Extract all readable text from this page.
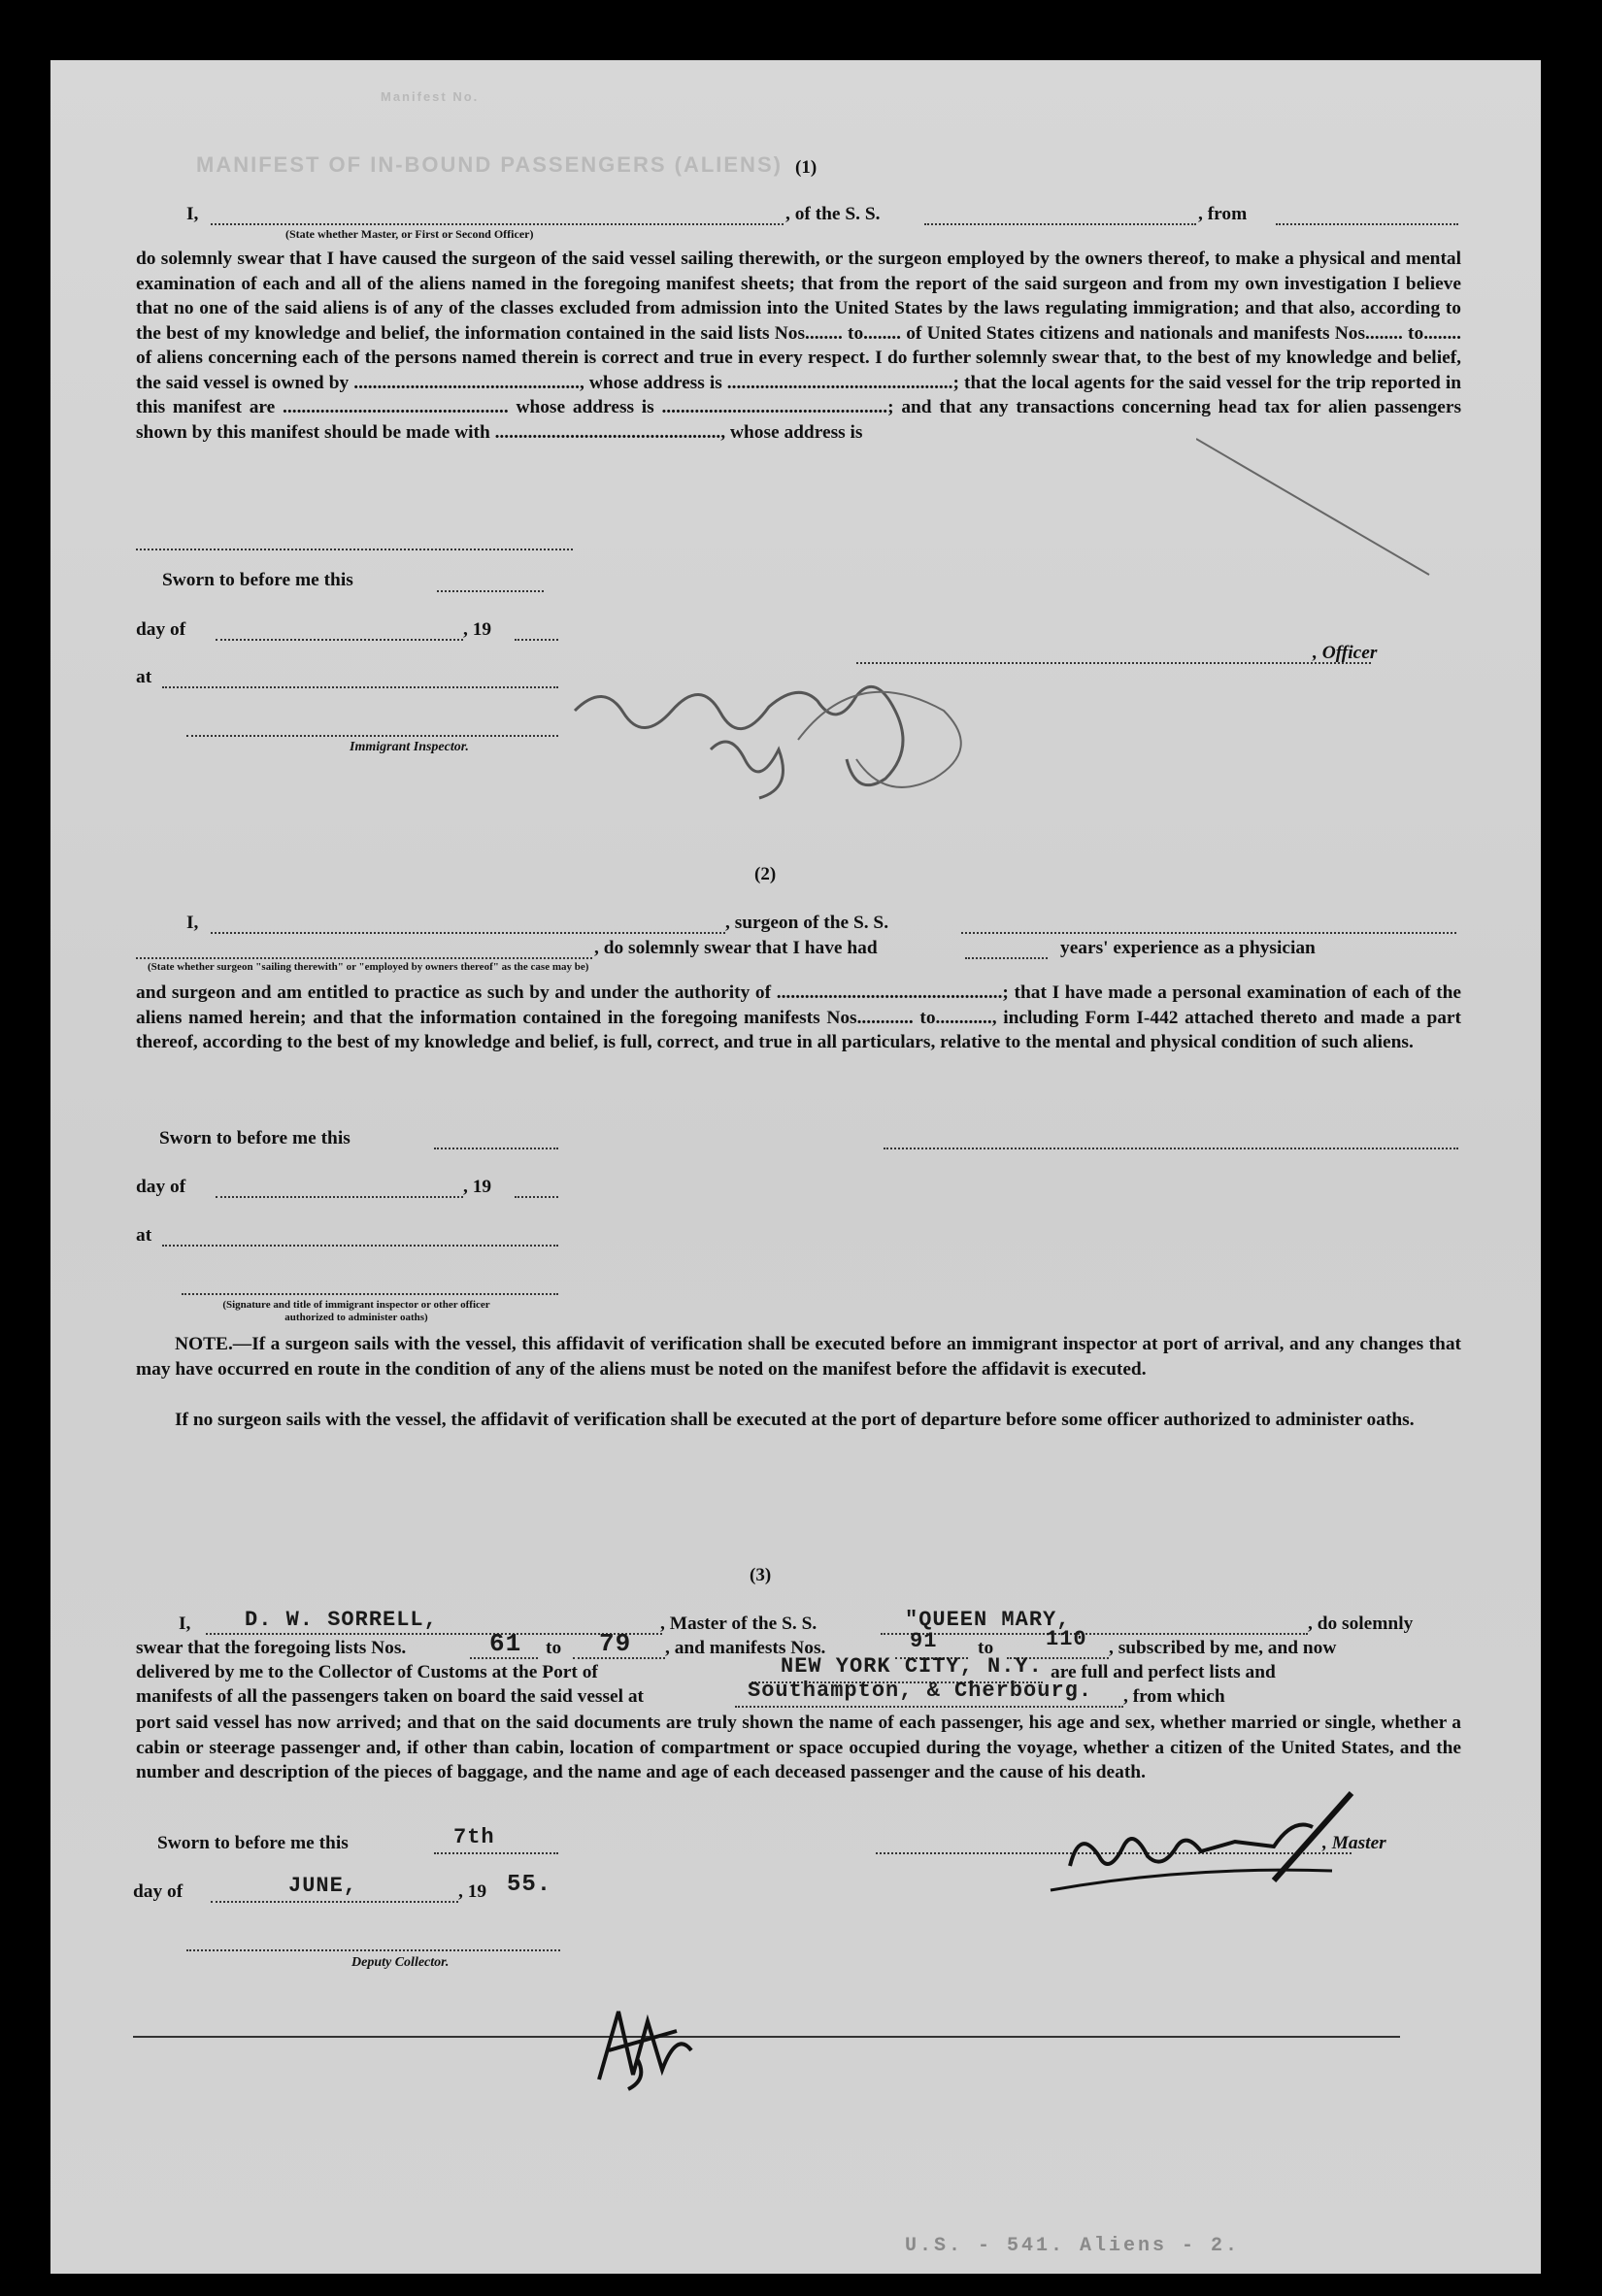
MANIFEST OF IN-BOUND PASSENGERS (ALIENS)
Manifest No.
(1)
I,	, of the S. S.	, from
(State whether Master, or First or Second Officer)
do solemnly swear that I have caused the surgeon of the said vessel sailing therewith, or the surgeon employed by the owners thereof, to make a physical and mental examination of each and all of the aliens named in the foregoing manifest sheets; that from the report of the said surgeon and from my own investigation I believe that no one of the said aliens is of any of the classes excluded from admission into the United States by the laws regulating immigration; and that also, according to the best of my knowledge and belief, the information contained in the said lists Nos........ to........ of United States citizens and nationals and manifests Nos........ to........ of aliens concerning each of the persons named therein is correct and true in every respect. I do further solemnly swear that, to the best of my knowledge and belief, the said vessel is owned by ................................................, whose address is ................................................; that the local agents for the said vessel for the trip reported in this manifest are ................................................ whose address is ................................................; and that any transactions concerning head tax for alien passengers shown by this manifest should be made with ................................................, whose address is
Sworn to before me this
day of	, 19
, Officer
at
Immigrant Inspector.
(2)
I,	, surgeon of the S. S.
, do solemnly swear that I have had	years' experience as a physician
(State whether surgeon "sailing therewith" or "employed by owners thereof" as the case may be)
and surgeon and am entitled to practice as such by and under the authority of ................................................; that I have made a personal examination of each of the aliens named herein; and that the information contained in the foregoing manifests Nos............ to............, including Form I-442 attached thereto and made a part thereof, according to the best of my knowledge and belief, is full, correct, and true in all particulars, relative to the mental and physical condition of such aliens.
Sworn to before me this
day of	, 19
at
(Signature and title of immigrant inspector or other officer authorized to administer oaths)
NOTE.—If a surgeon sails with the vessel, this affidavit of verification shall be executed before an immigrant inspector at port of arrival, and any changes that may have occurred en route in the condition of any of the aliens must be noted on the manifest before the affidavit is executed.
If no surgeon sails with the vessel, the affidavit of verification shall be executed at the port of departure before some officer authorized to administer oaths.
(3)
I,	D. W. SORRELL,	, Master of the S. S.	"QUEEN MARY,	, do solemnly
swear that the foregoing lists Nos.	61 to 79 , and manifests Nos.	91 to 110 , subscribed by me, and now
delivered by me to the Collector of Customs at the Port of	NEW YORK CITY, N.Y. are full and perfect lists and
manifests of all the passengers taken on board the said vessel at	Southampton, & Cherbourg. , from which
port said vessel has now arrived; and that on the said documents are truly shown the name of each passenger, his age and sex, whether married or single, whether a cabin or steerage passenger and, if other than cabin, location of compartment or space occupied during the voyage, whether a citizen of the United States, and the number and description of the pieces of baggage, and the name and age of each deceased passenger and the cause of his death.
Sworn to before me this	7th	, Master
day of	JUNE,	, 19 55.
Deputy Collector.
U.S. - 541. Aliens - 2.
